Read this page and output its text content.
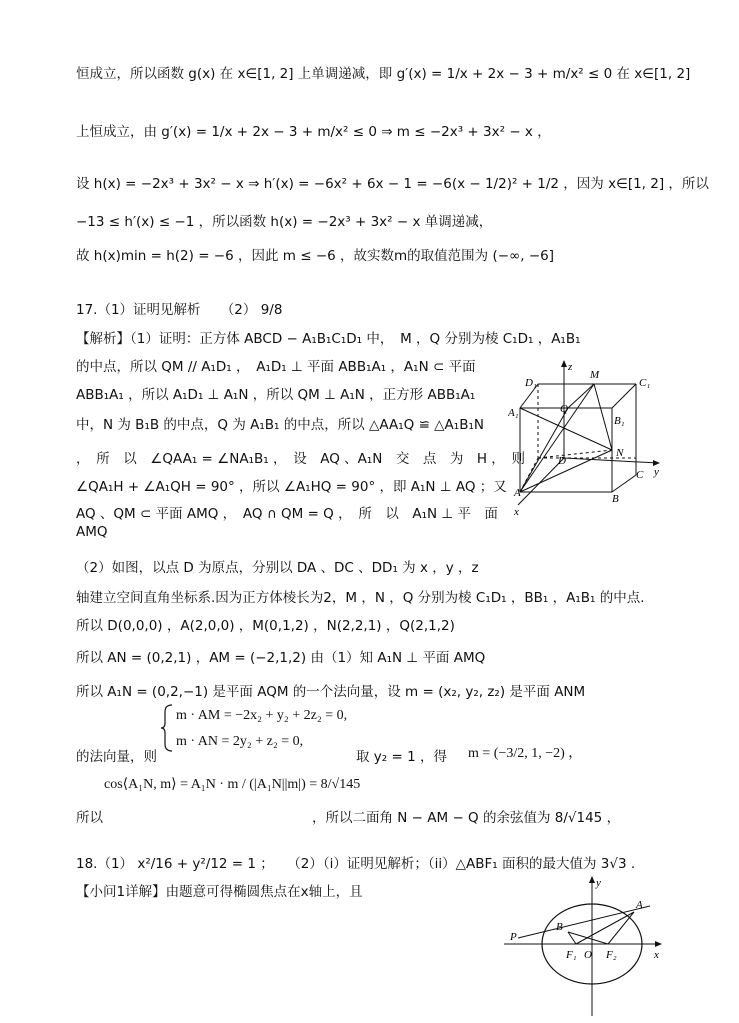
恒成立，所以函数 g(x) 在 x∈[1, 2] 上单调递减，即 g′(x) = 1/x + 2x − 3 + m/x² ≤ 0 在 x∈[1, 2]
上恒成立，由 g′(x) = 1/x + 2x − 3 + m/x² ≤ 0 ⇒ m ≤ −2x³ + 3x² − x ，
设 h(x) = −2x³ + 3x² − x ⇒ h′(x) = −6x² + 6x − 1 = −6(x − 1/2)² + 1/2 ，因为 x∈[1, 2] ，所以
−13 ≤ h′(x) ≤ −1 ，所以函数 h(x) = −2x³ + 3x² − x 单调递减，
故 h(x)min = h(2) = −6 ，因此 m ≤ −6 ，故实数m的取值范围为 (−∞, −6]
17.（1）证明见解析　　（2） 9/8
【解析】（1）证明：正方体 ABCD − A₁B₁C₁D₁ 中，　M ，Q 分别为棱 C₁D₁ ，A₁B₁
的中点，所以 QM // A₁D₁ ，　A₁D₁ ⊥ 平面 ABB₁A₁ ，A₁N ⊂ 平面
ABB₁A₁ ，所以 A₁D₁ ⊥ A₁N ，所以 QM ⊥ A₁N ，正方形 ABB₁A₁
中，N 为 B₁B 的中点，Q 为 A₁B₁ 的中点，所以 △AA₁Q ≌ △A₁B₁N
，　所　以　∠QAA₁ = ∠NA₁B₁ ，　设　AQ 、A₁N　交　点　为　H ，　则
∠QA₁H + ∠A₁QH = 90° ，所以 ∠A₁HQ = 90° ，即 A₁N ⊥ AQ ；又
AQ 、QM ⊂ 平面 AMQ ，　AQ ∩ QM = Q ，　所　以　A₁N ⊥ 平　面
AMQ
（2）如图，以点 D 为原点，分别以 DA 、DC 、DD₁ 为 x ，y ，z
轴建立空间直角坐标系.因为正方体棱长为2，M ，N ，Q 分别为棱 C₁D₁ ，BB₁ ，A₁B₁ 的中点.
所以 D(0,0,0) ，A(2,0,0) ，M(0,1,2) ，N(2,2,1) ，Q(2,1,2)
所以 AN = (0,2,1) ，AM = (−2,1,2) 由（1）知 A₁N ⊥ 平面 AMQ
所以 A₁N = (0,2,−1) 是平面 AQM 的一个法向量，设 m = (x₂, y₂, z₂) 是平面 ANM
m · AM = −2x₂ + y₂ + 2z₂ = 0,
m · AN = 2y₂ + z₂ = 0,
的法向量，则	取 y₂ = 1 ，得 m = (−3/2, 1, −2) ，
cos⟨A₁N, m⟩ = A₁N · m / (|A₁N||m|) = 8/√145
所以	，所以二面角 N − AM − Q 的余弦值为 8/√145 ，
18.（1） x²/16 + y²/12 = 1 ；　　（2）（i）证明见解析；（ii）△ABF₁ 面积的最大值为 3√3 .
【小问1详解】由题意可得椭圆焦点在x轴上，且
D₁
M
C₁
A₁	Q
B₁
D
N
C
A	B
x
y
z
y
A
P
B
F₁ O F₂	x
